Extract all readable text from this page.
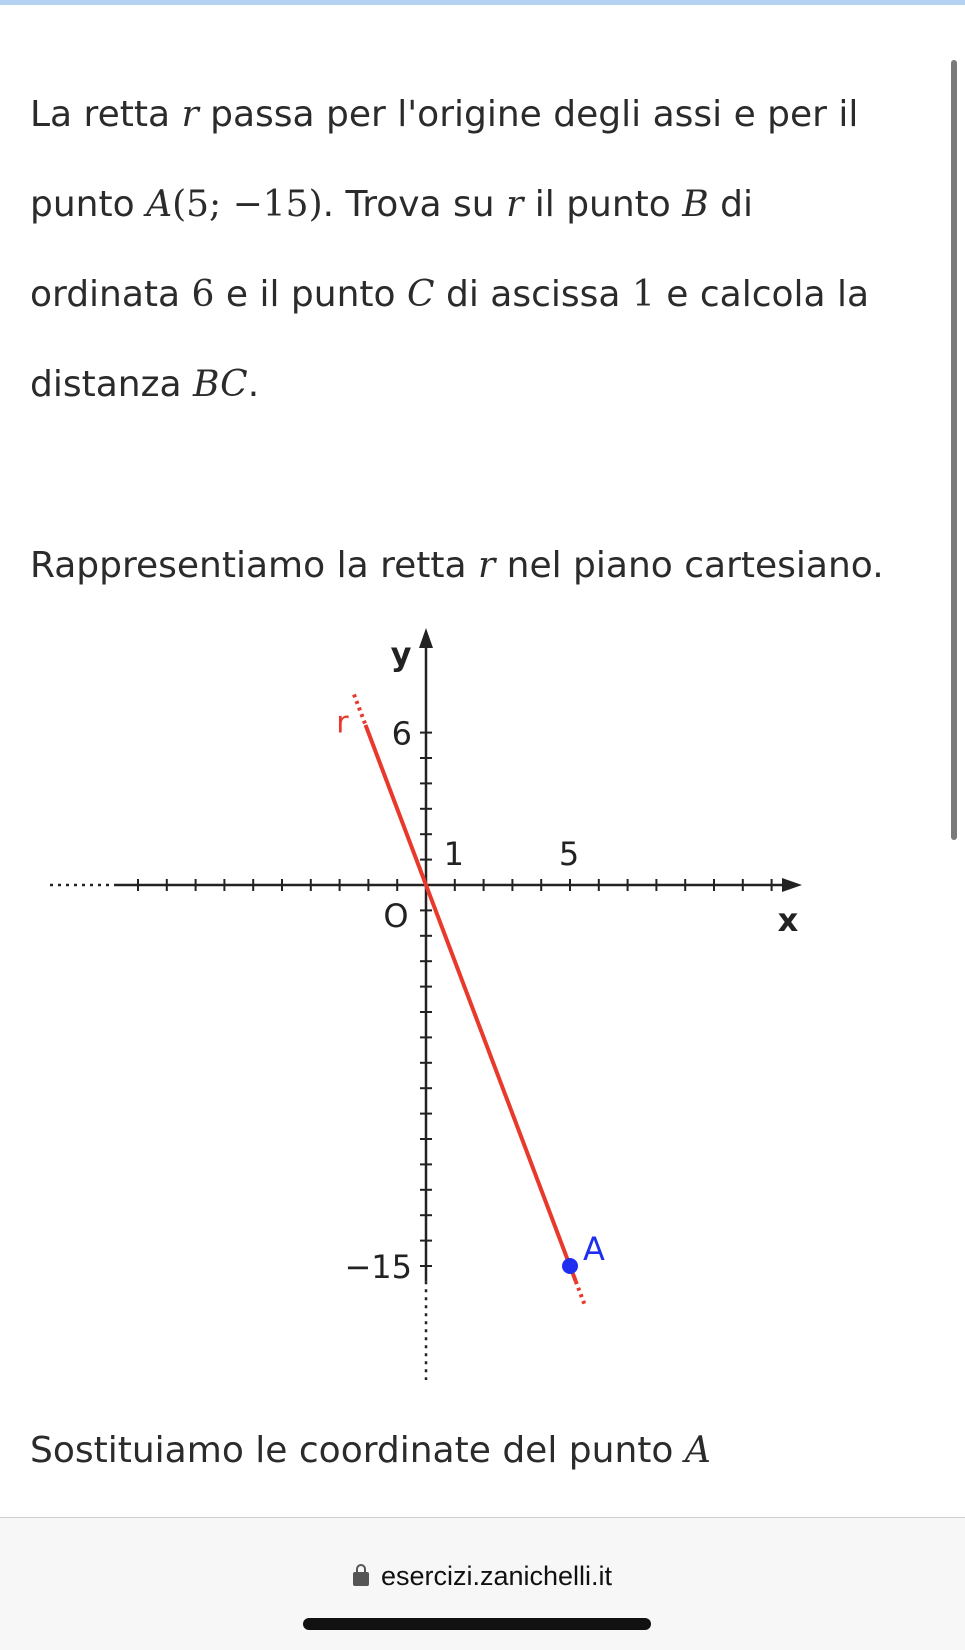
La retta r passa per l'origine degli assi e per il punto A(5; −15). Trova su r il punto B di ordinata 6 e il punto C di ascissa 1 e calcola la distanza BC.

Rappresentiamo la retta r nel piano cartesiano.

1	5
6
−15
x
y
O
r
A

Sostituiamo le coordinate del punto A

esercizi.zanichelli.it
